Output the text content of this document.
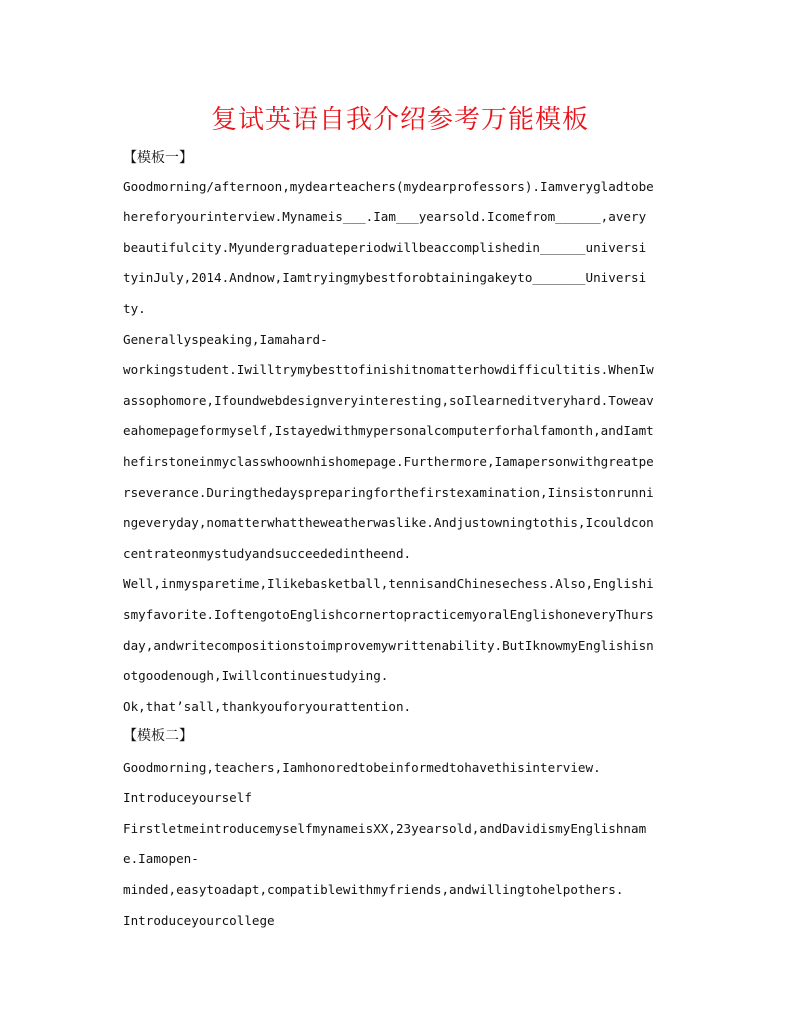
复试英语自我介绍参考万能模板
【模板一】
Goodmorning/afternoon,mydearteachers(mydearprofessors).Iamverygladtobe
hereforyourinterview.Mynameis___.Iam___yearsold.Icomefrom______,avery
beautifulcity.Myundergraduateperiodwillbeaccomplishedin______universi
tyinJuly,2014.Andnow,Iamtryingmybestforobtainingakeyto_______Universi
ty.
Generallyspeaking,Iamahard-
workingstudent.Iwilltrymybesttofinishitnomatterhowdifficultitis.WhenIw
assophomore,Ifoundwebdesignveryinteresting,soIlearneditveryhard.Toweav
eahomepageformyself,Istayedwithmypersonalcomputerforhalfamonth,andIamt
hefirstoneinmyclasswhoownhishomepage.Furthermore,Iamapersonwithgreatpe
rseverance.Duringthedayspreparingforthefirstexamination,Iinsistonrunni
ngeveryday,nomatterwhattheweatherwaslike.Andjustowningtothis,Icouldcon
centrateonmystudyandsucceededintheend.
Well,inmysparetime,Ilikebasketball,tennisandChinesechess.Also,Englishi
smyfavorite.IoftengotoEnglishcornertopracticemyoralEnglishoneveryThurs
day,andwritecompositionstoimprovemywrittenability.ButIknowmyEnglishisn
otgoodenough,Iwillcontinuestudying.
Ok,that’sall,thankyouforyourattention.
【模板二】
Goodmorning,teachers,Iamhonoredtobeinformedtohavethisinterview.
Introduceyourself
FirstletmeintroducemyselfmynameisXX,23yearsold,andDavidismyEnglishnam
e.Iamopen-
minded,easytoadapt,compatiblewithmyfriends,andwillingtohelpothers.
Introduceyourcollege
